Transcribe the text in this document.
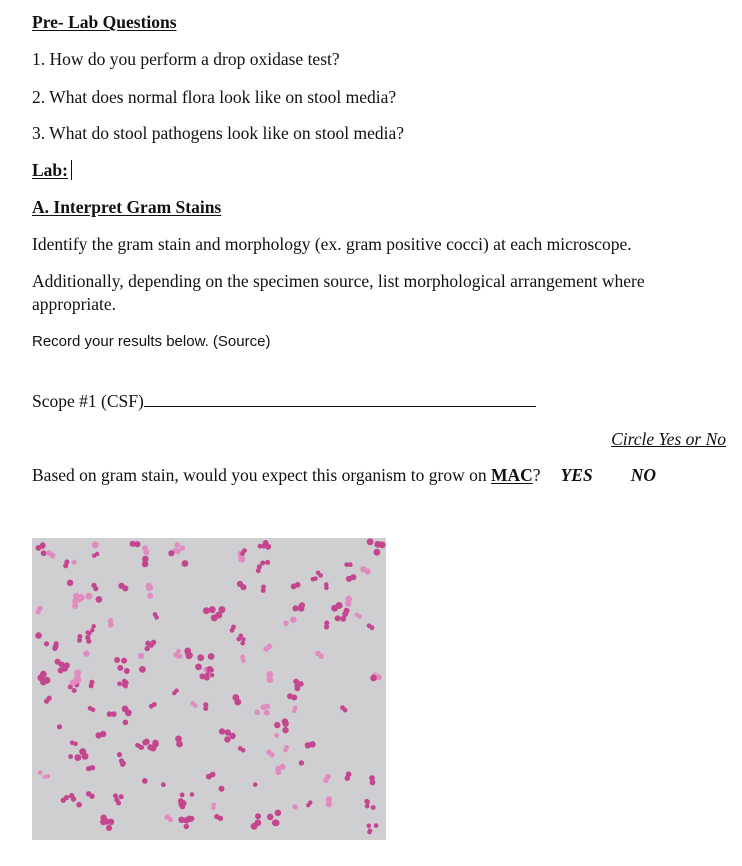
Pre- Lab Questions
1. How do you perform a drop oxidase test?
2. What does normal flora look like on stool media?
3. What do stool pathogens look like on stool media?
Lab:
A. Interpret Gram Stains
Identify the gram stain and morphology (ex. gram positive cocci) at each microscope.
Additionally, depending on the specimen source, list morphological arrangement where appropriate.
Record your results below. (Source)
Scope #1 (CSF)
Circle Yes or No
Based on gram stain, would you expect this organism to grow on MAC? YES NO
